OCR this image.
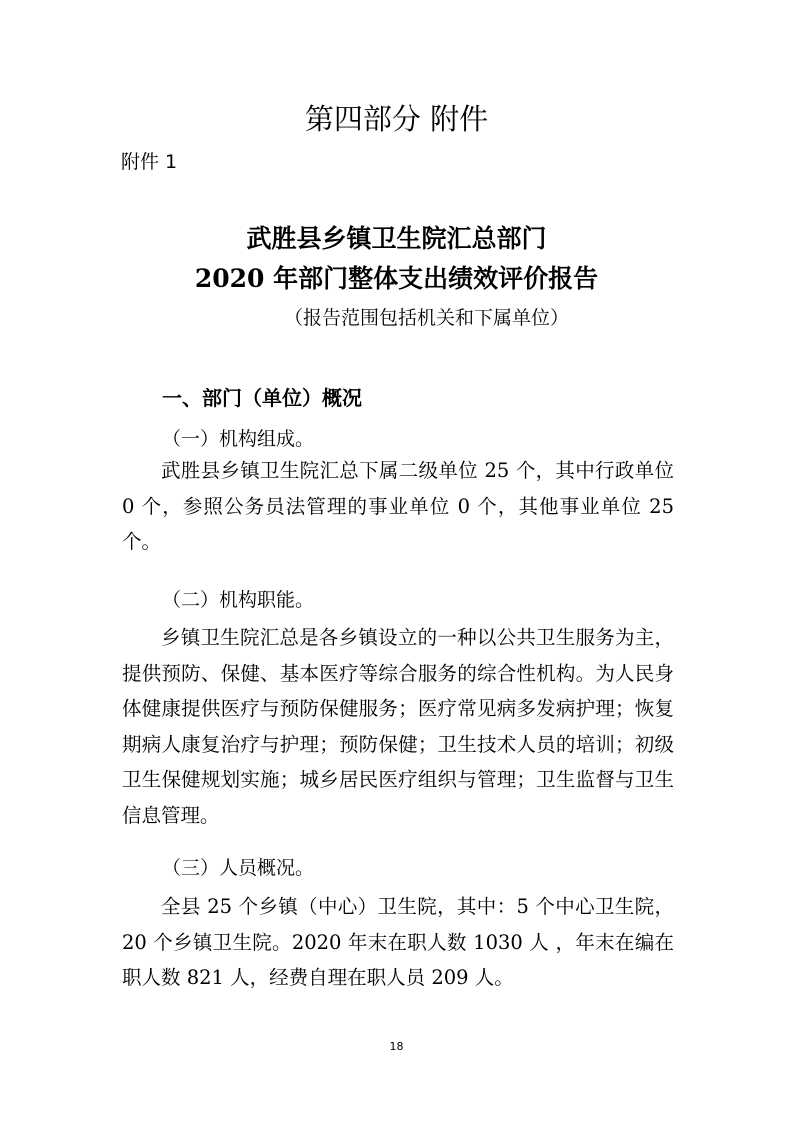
第四部分 附件
附件 1
武胜县乡镇卫生院汇总部门
2020 年部门整体支出绩效评价报告
（报告范围包括机关和下属单位）
一、部门（单位）概况
（一）机构组成。

武胜县乡镇卫生院汇总下属二级单位 25 个，其中行政单位 0 个，参照公务员法管理的事业单位 0 个，其他事业单位 25 个。

（二）机构职能。

乡镇卫生院汇总是各乡镇设立的一种以公共卫生服务为主，提供预防、保健、基本医疗等综合服务的综合性机构。为人民身体健康提供医疗与预防保健服务；医疗常见病多发病护理；恢复期病人康复治疗与护理；预防保健；卫生技术人员的培训；初级卫生保健规划实施；城乡居民医疗组织与管理；卫生监督与卫生信息管理。

（三）人员概况。

全县 25 个乡镇（中心）卫生院，其中：5 个中心卫生院，20 个乡镇卫生院。2020 年末在职人数 1030 人 ，年末在编在职人数 821 人，经费自理在职人员 209 人。

18
